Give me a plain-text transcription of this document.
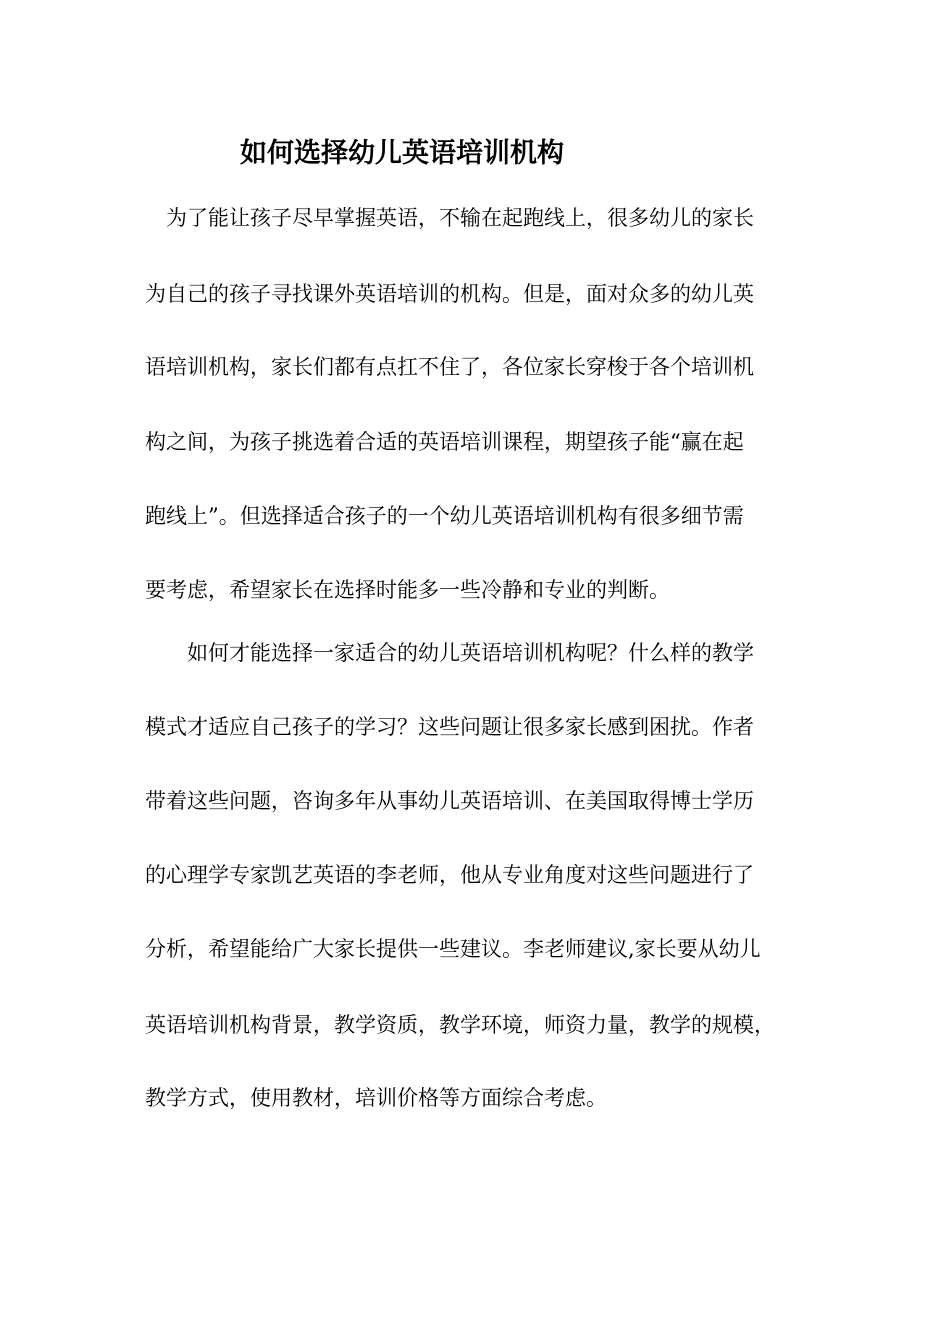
如何选择幼儿英语培训机构
为了能让孩子尽早掌握英语，不输在起跑线上，很多幼儿的家长
为自己的孩子寻找课外英语培训的机构。但是，面对众多的幼儿英
语培训机构，家长们都有点扛不住了，各位家长穿梭于各个培训机
构之间，为孩子挑选着合适的英语培训课程，期望孩子能“赢在起
跑线上”。但选择适合孩子的一个幼儿英语培训机构有很多细节需
要考虑，希望家长在选择时能多一些冷静和专业的判断。
如何才能选择一家适合的幼儿英语培训机构呢？什么样的教学
模式才适应自己孩子的学习？这些问题让很多家长感到困扰。作者
带着这些问题，咨询多年从事幼儿英语培训、在美国取得博士学历
的心理学专家凯艺英语的李老师，他从专业角度对这些问题进行了
分析，希望能给广大家长提供一些建议。李老师建议,家长要从幼儿
英语培训机构背景，教学资质，教学环境，师资力量，教学的规模，
教学方式，使用教材，培训价格等方面综合考虑。
